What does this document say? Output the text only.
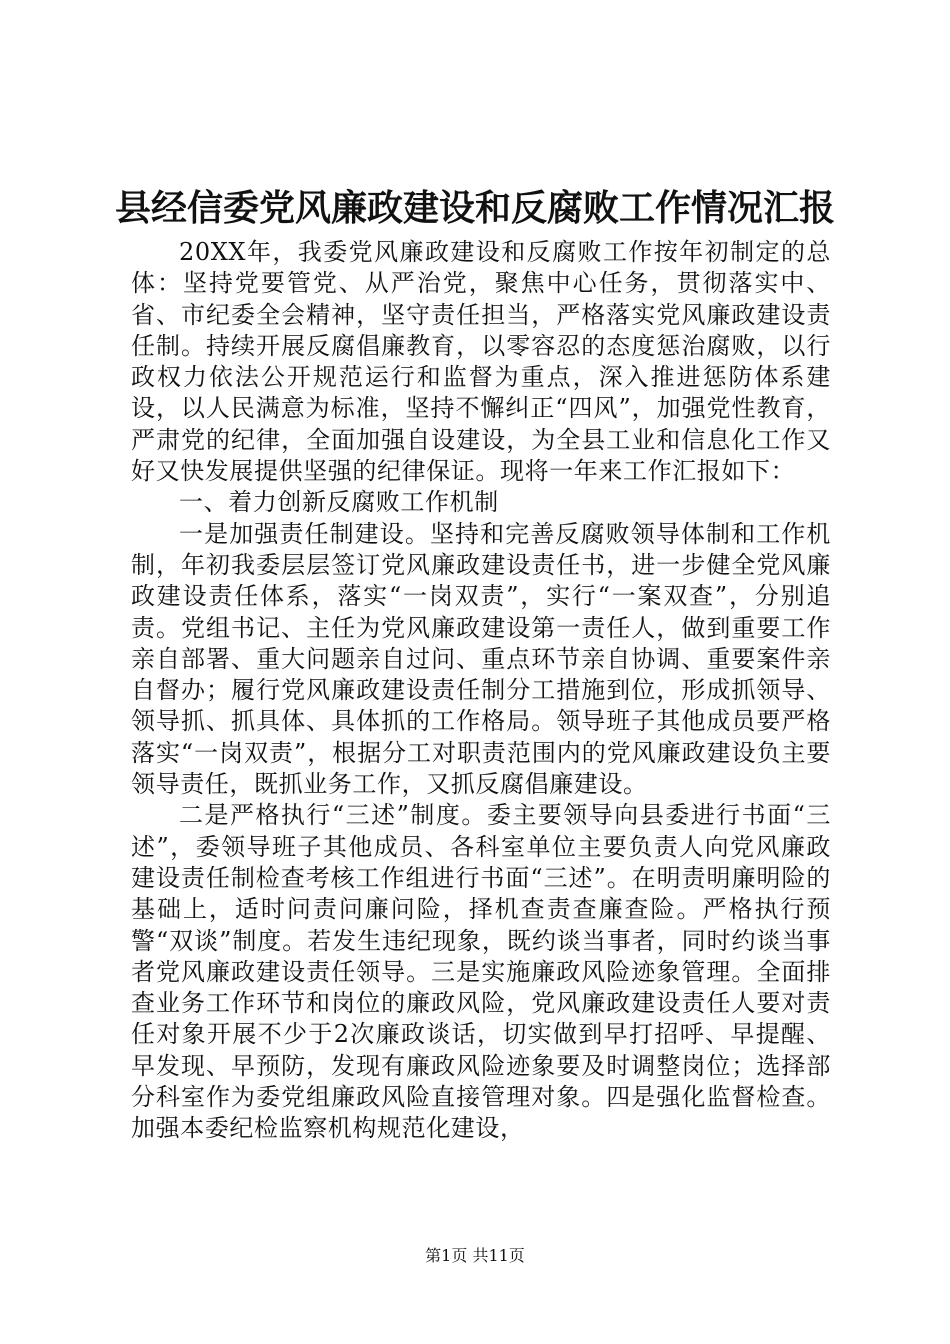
县经信委党风廉政建设和反腐败工作情况汇报

20XX年，我委党风廉政建设和反腐败工作按年初制定的总体：坚持党要管党、从严治党，聚焦中心任务，贯彻落实中、省、市纪委全会精神，坚守责任担当，严格落实党风廉政建设责任制。持续开展反腐倡廉教育，以零容忍的态度惩治腐败，以行政权力依法公开规范运行和监督为重点，深入推进惩防体系建设，以人民满意为标准，坚持不懈纠正“四风”，加强党性教育，严肃党的纪律，全面加强自设建设，为全县工业和信息化工作又好又快发展提供坚强的纪律保证。现将一年来工作汇报如下：

一、着力创新反腐败工作机制

一是加强责任制建设。坚持和完善反腐败领导体制和工作机制，年初我委层层签订党风廉政建设责任书，进一步健全党风廉政建设责任体系，落实“一岗双责”，实行“一案双查”，分别追责。党组书记、主任为党风廉政建设第一责任人，做到重要工作亲自部署、重大问题亲自过问、重点环节亲自协调、重要案件亲自督办；履行党风廉政建设责任制分工措施到位，形成抓领导、领导抓、抓具体、具体抓的工作格局。领导班子其他成员要严格落实“一岗双责”，根据分工对职责范围内的党风廉政建设负主要领导责任，既抓业务工作，又抓反腐倡廉建设。

二是严格执行“三述”制度。委主要领导向县委进行书面“三述”，委领导班子其他成员、各科室单位主要负责人向党风廉政建设责任制检查考核工作组进行书面“三述”。在明责明廉明险的基础上，适时问责问廉问险，择机查责查廉查险。严格执行预警“双谈”制度。若发生违纪现象，既约谈当事者，同时约谈当事者党风廉政建设责任领导。三是实施廉政风险迹象管理。全面排查业务工作环节和岗位的廉政风险，党风廉政建设责任人要对责任对象开展不少于2次廉政谈话，切实做到早打招呼、早提醒、早发现、早预防，发现有廉政风险迹象要及时调整岗位；选择部分科室作为委党组廉政风险直接管理对象。四是强化监督检查。加强本委纪检监察机构规范化建设，

第1页 共11页
